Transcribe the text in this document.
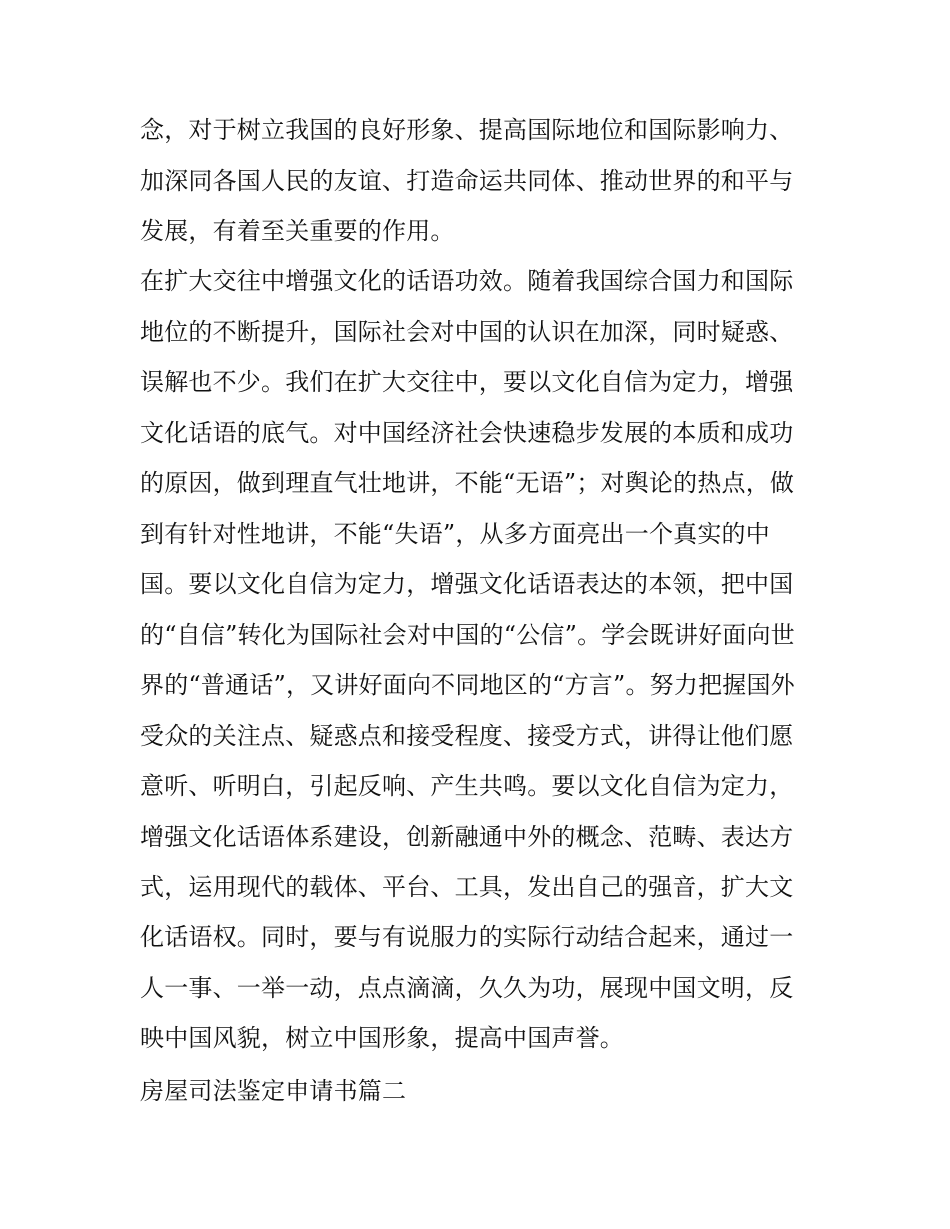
念，对于树立我国的良好形象、提高国际地位和国际影响力、

加深同各国人民的友谊、打造命运共同体、推动世界的和平与

发展，有着至关重要的作用。

在扩大交往中增强文化的话语功效。随着我国综合国力和国际

地位的不断提升，国际社会对中国的认识在加深，同时疑惑、

误解也不少。我们在扩大交往中，要以文化自信为定力，增强

文化话语的底气。对中国经济社会快速稳步发展的本质和成功

的原因，做到理直气壮地讲，不能“无语”；对舆论的热点，做

到有针对性地讲，不能“失语”，从多方面亮出一个真实的中

国。要以文化自信为定力，增强文化话语表达的本领，把中国

的“自信”转化为国际社会对中国的“公信”。学会既讲好面向世

界的“普通话”，又讲好面向不同地区的“方言”。努力把握国外

受众的关注点、疑惑点和接受程度、接受方式，讲得让他们愿

意听、听明白，引起反响、产生共鸣。要以文化自信为定力，

增强文化话语体系建设，创新融通中外的概念、范畴、表达方

式，运用现代的载体、平台、工具，发出自己的强音，扩大文

化话语权。同时，要与有说服力的实际行动结合起来，通过一

人一事、一举一动，点点滴滴，久久为功，展现中国文明，反

映中国风貌，树立中国形象，提高中国声誉。

房屋司法鉴定申请书篇二
